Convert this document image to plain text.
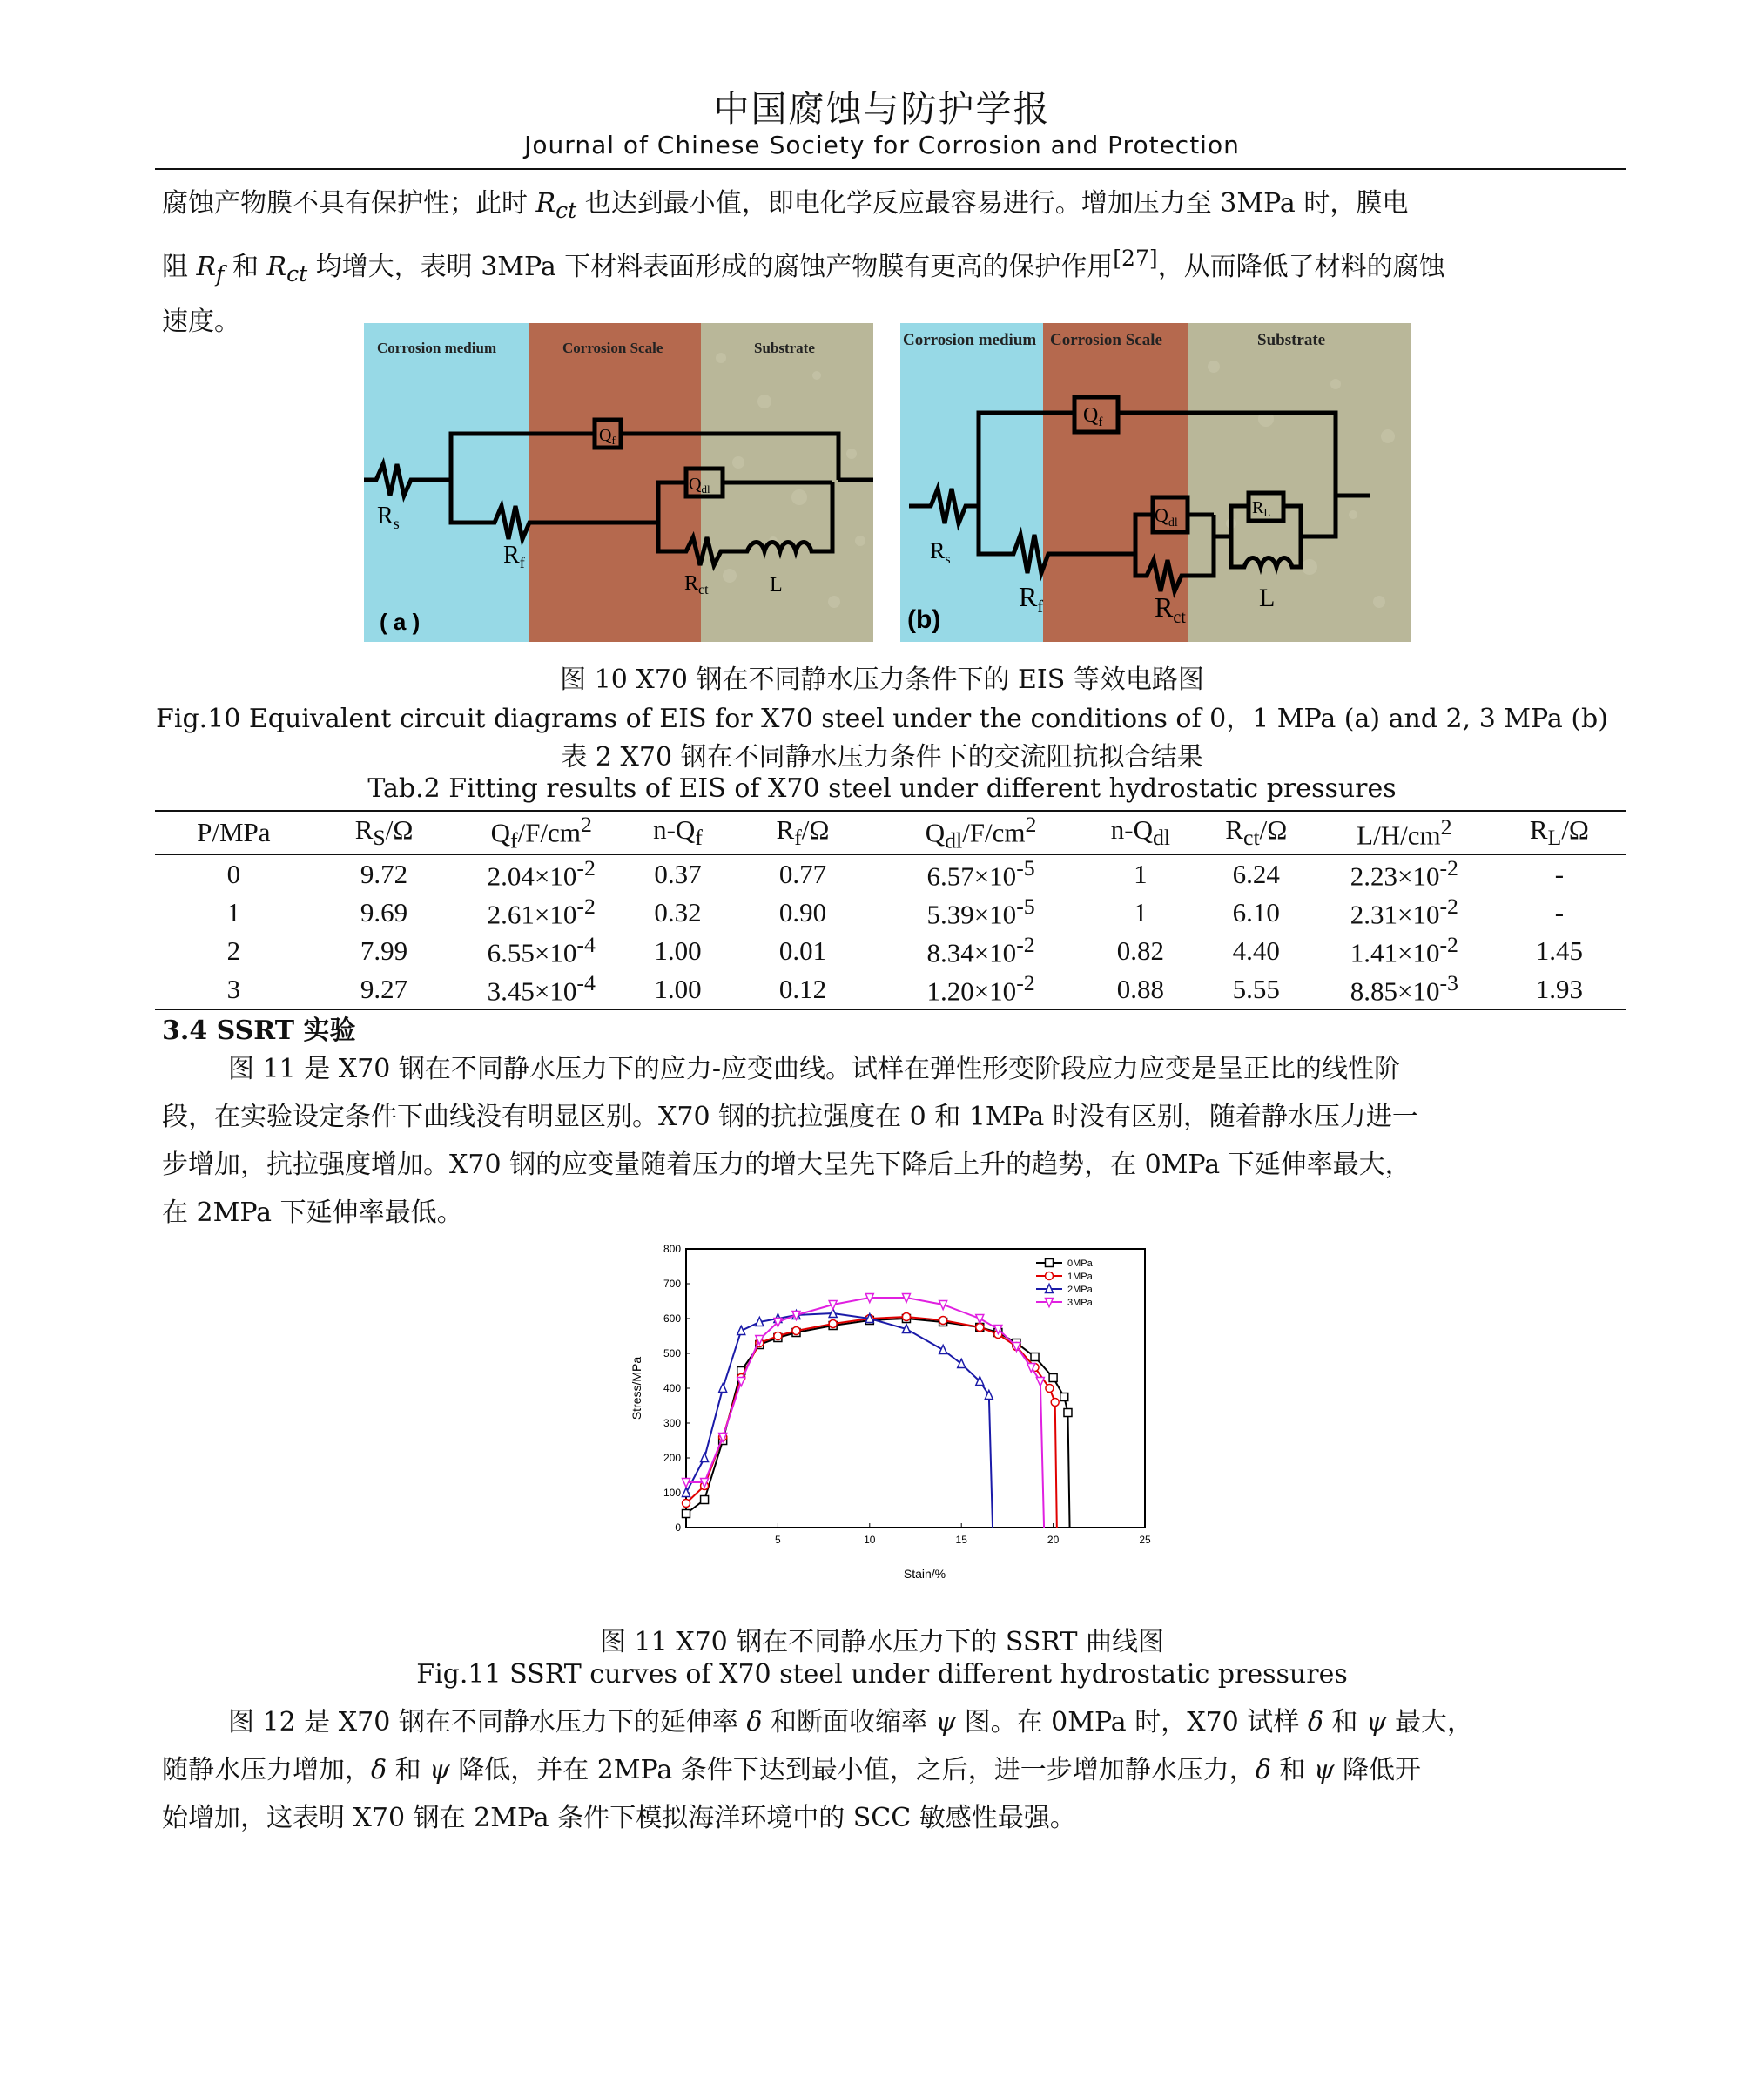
中国腐蚀与防护学报
Journal of Chinese Society for Corrosion and Protection
腐蚀产物膜不具有保护性；此时 $R_{ct}$ 也达到最小值，即电化学反应最容易进行。增加压力至 3MPa 时，膜电
阻 $R_f$ 和 $R_{ct}$ 均增大，表明 3MPa 下材料表面形成的腐蚀产物膜有更高的保护作用[27]，从而降低了材料的腐蚀
速度。
Corrosion medium	Corrosion Scale	Substrate
$Q_f$
$Q_{dl}$
$R_s$
$R_f$
$R_{ct}$	L
( a )
Corrosion medium Corrosion Scale	Substrate
$Q_f$
$Q_{dl}$
$R_L$
$R_s$
$R_f$	$R_{ct}$
L
(b)
图 10 X70 钢在不同静水压力条件下的 EIS 等效电路图
Fig.10 Equivalent circuit diagrams of EIS for X70 steel under the conditions of 0，1 MPa (a) and 2, 3 MPa (b)
表 2 X70 钢在不同静水压力条件下的交流阻抗拟合结果
Tab.2 Fitting results of EIS of X70 steel under different hydrostatic pressures
P/MPa	$R_S/\Omega$	$Q_f/F/cm^2$	$n-Q_f$	$R_f/\Omega$	$Q_{dl}/F/cm^2$	$n-Q_{dl}$	$R_{ct}/\Omega$	$L/H/cm^2$	$R_L/\Omega$
0	9.72	$2.04\times 10^{-2}$	0.37	0.77	$6.57\times 10^{-5}$	1	6.24	$2.23\times 10^{-2}$	-
1	9.69	$2.61\times 10^{-2}$	0.32	0.90	$5.39\times 10^{-5}$	1	6.10	$2.31\times 10^{-2}$	-
2	7.99	$6.55\times 10^{-4}$	1.00	0.01	$8.34\times 10^{-2}$	0.82	4.40	$1.41\times 10^{-2}$	1.45
3	9.27	$3.45\times 10^{-4}$	1.00	0.12	$1.20\times 10^{-2}$	0.88	5.55	$8.85\times 10^{-3}$	1.93
3.4 SSRT 实验
图 11 是 X70 钢在不同静水压力下的应力-应变曲线。试样在弹性形变阶段应力应变是呈正比的线性阶
段，在实验设定条件下曲线没有明显区别。X70 钢的抗拉强度在 0 和 1MPa 时没有区别，随着静水压力进一
步增加，抗拉强度增加。X70 钢的应变量随着压力的增大呈先下降后上升的趋势，在 0MPa 下延伸率最大，
在 2MPa 下延伸率最低。
0
100
200
300
400
500
600
700
800
5	10	15	20	25
0MPa
1MPa
2MPa
3MPa
Stain/%
Stress/MPa
图 11 X70 钢在不同静水压力下的 SSRT 曲线图
Fig.11 SSRT curves of X70 steel under different hydrostatic pressures
图 12 是 X70 钢在不同静水压力下的延伸率 δ 和断面收缩率 ψ 图。在 0MPa 时，X70 试样 δ 和 ψ 最大，
随静水压力增加，δ 和 ψ 降低，并在 2MPa 条件下达到最小值，之后，进一步增加静水压力，δ 和 ψ 降低开
始增加，这表明 X70 钢在 2MPa 条件下模拟海洋环境中的 SCC 敏感性最强。
